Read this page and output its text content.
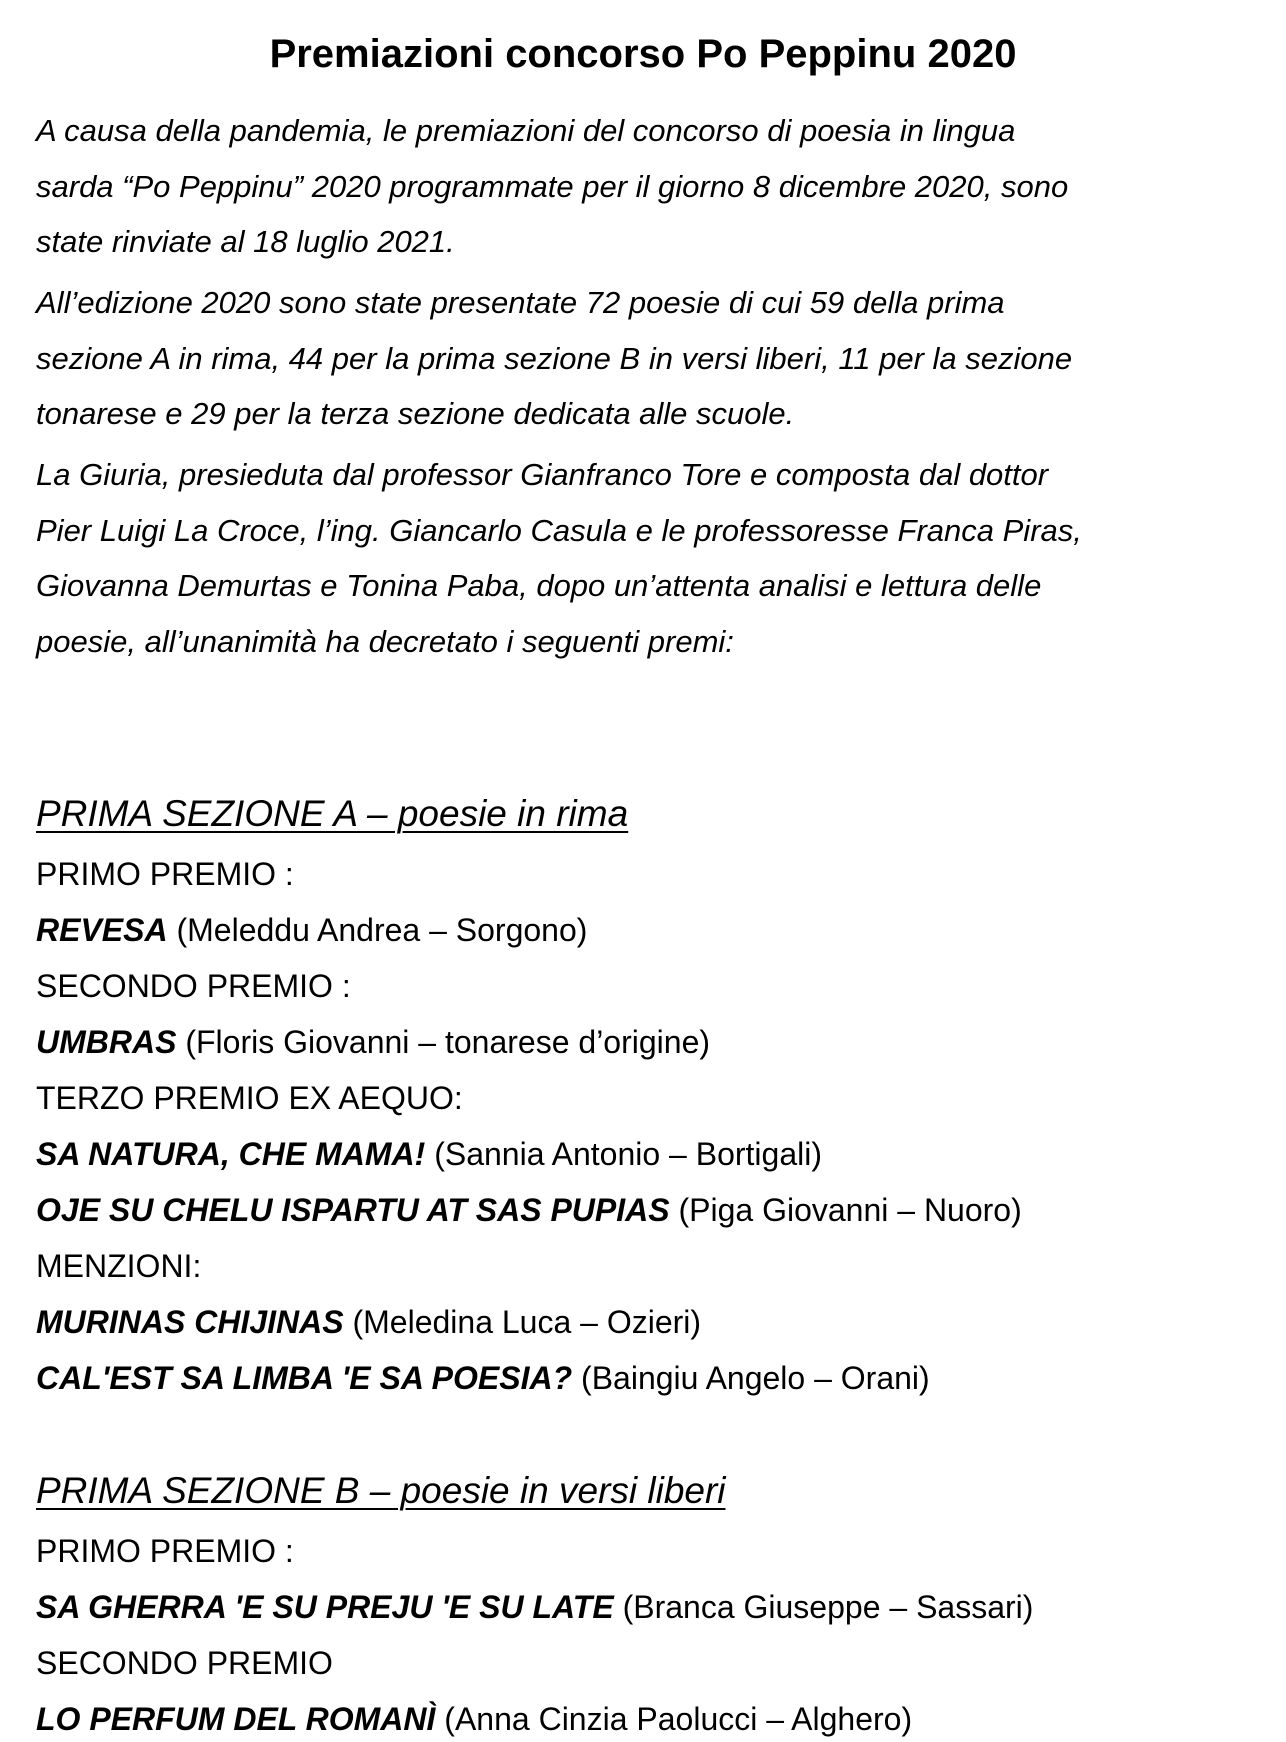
Premiazioni concorso Po Peppinu 2020
A causa della pandemia, le premiazioni del concorso di poesia in lingua
sarda “Po Peppinu” 2020 programmate per il giorno 8 dicembre 2020, sono
state rinviate al 18 luglio 2021.
All’edizione 2020 sono state presentate 72 poesie di cui 59 della prima
sezione A in rima, 44 per la prima sezione B in versi liberi, 11 per la sezione
tonarese e 29 per la terza sezione dedicata alle scuole.
La Giuria, presieduta dal professor Gianfranco Tore e composta dal dottor
Pier Luigi La Croce, l’ing. Giancarlo Casula e le professoresse Franca Piras,
Giovanna Demurtas e Tonina Paba, dopo un’attenta analisi e lettura delle
poesie, all’unanimità ha decretato i seguenti premi:
PRIMA SEZIONE A – poesie in rima
PRIMO PREMIO :
REVESA (Meleddu Andrea – Sorgono)
SECONDO PREMIO :
UMBRAS (Floris Giovanni – tonarese d’origine)
TERZO PREMIO EX AEQUO:
SA NATURA, CHE MAMA! (Sannia Antonio – Bortigali)
OJE SU CHELU ISPARTU AT SAS PUPIAS (Piga Giovanni – Nuoro)
MENZIONI:
MURINAS CHIJINAS (Meledina Luca – Ozieri)
CAL'EST SA LIMBA 'E SA POESIA? (Baingiu Angelo – Orani)
PRIMA SEZIONE B – poesie in versi liberi
PRIMO PREMIO :
SA GHERRA 'E SU PREJU 'E SU LATE (Branca Giuseppe – Sassari)
SECONDO PREMIO
LO PERFUM DEL ROMANÌ (Anna Cinzia Paolucci – Alghero)
